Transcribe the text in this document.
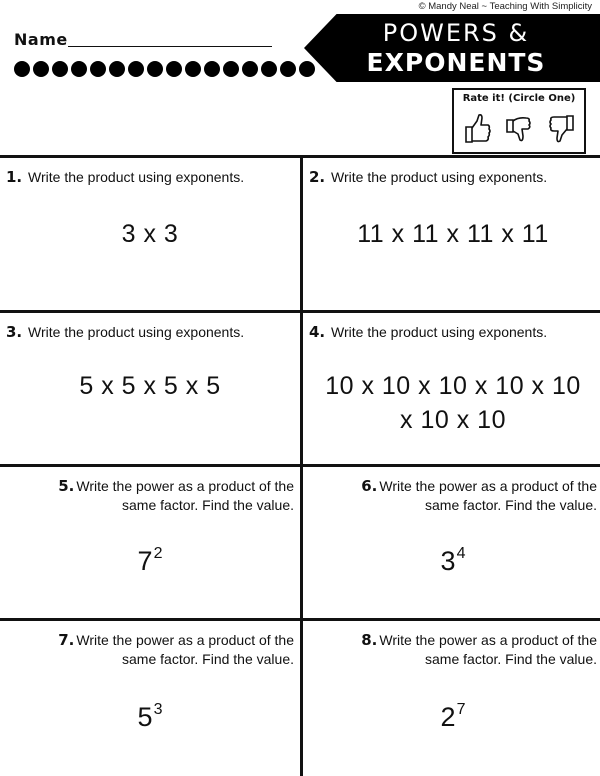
© Mandy Neal ~ Teaching With Simplicity
Name	POWERS &
EXPONENTS
Rate it! (Circle One)
1. Write the product using exponents.
3 x 3
2. Write the product using exponents.
11 x 11 x 11 x 11
3. Write the product using exponents.
5 x 5 x 5 x 5
4. Write the product using exponents.
10 x 10 x 10 x 10 x 10
x 10 x 10
5. Write the power as a product of the
same factor. Find the value.
$7^2$
6. Write the power as a product of the
same factor. Find the value.
$3^4$
7. Write the power as a product of the
same factor. Find the value.
$5^3$
8. Write the power as a product of the
same factor. Find the value.
$2^7$
